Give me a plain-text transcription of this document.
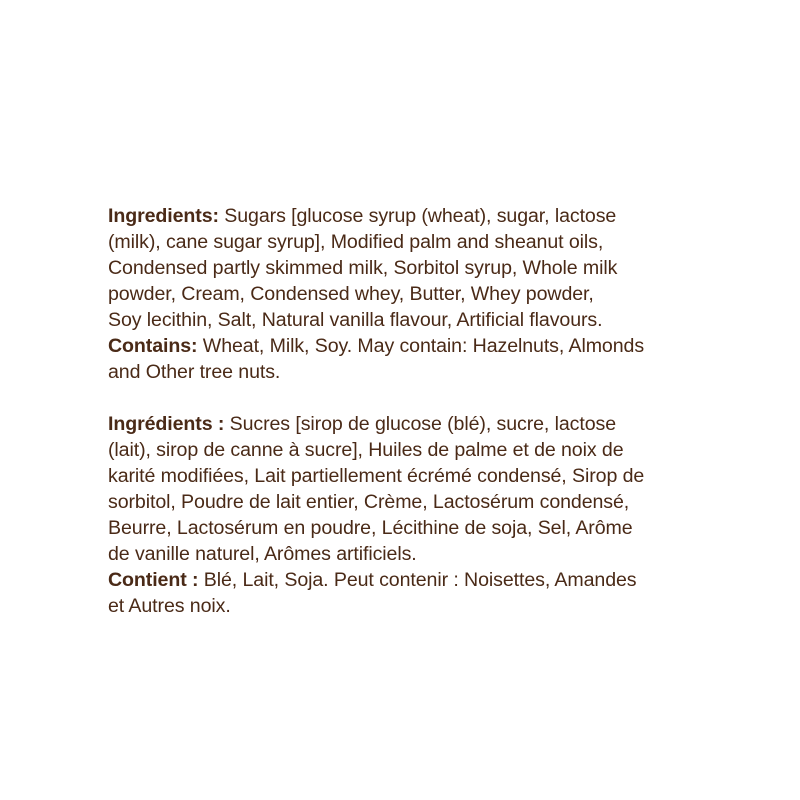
Ingredients: Sugars [glucose syrup (wheat), sugar, lactose
(milk), cane sugar syrup], Modified palm and sheanut oils,
Condensed partly skimmed milk, Sorbitol syrup, Whole milk
powder, Cream, Condensed whey, Butter, Whey powder,
Soy lecithin, Salt, Natural vanilla flavour, Artificial flavours.
Contains: Wheat, Milk, Soy. May contain: Hazelnuts, Almonds
and Other tree nuts.

Ingrédients : Sucres [sirop de glucose (blé), sucre, lactose
(lait), sirop de canne à sucre], Huiles de palme et de noix de
karité modifiées, Lait partiellement écrémé condensé, Sirop de
sorbitol, Poudre de lait entier, Crème, Lactosérum condensé,
Beurre, Lactosérum en poudre, Lécithine de soja, Sel, Arôme
de vanille naturel, Arômes artificiels.
Contient : Blé, Lait, Soja. Peut contenir : Noisettes, Amandes
et Autres noix.
